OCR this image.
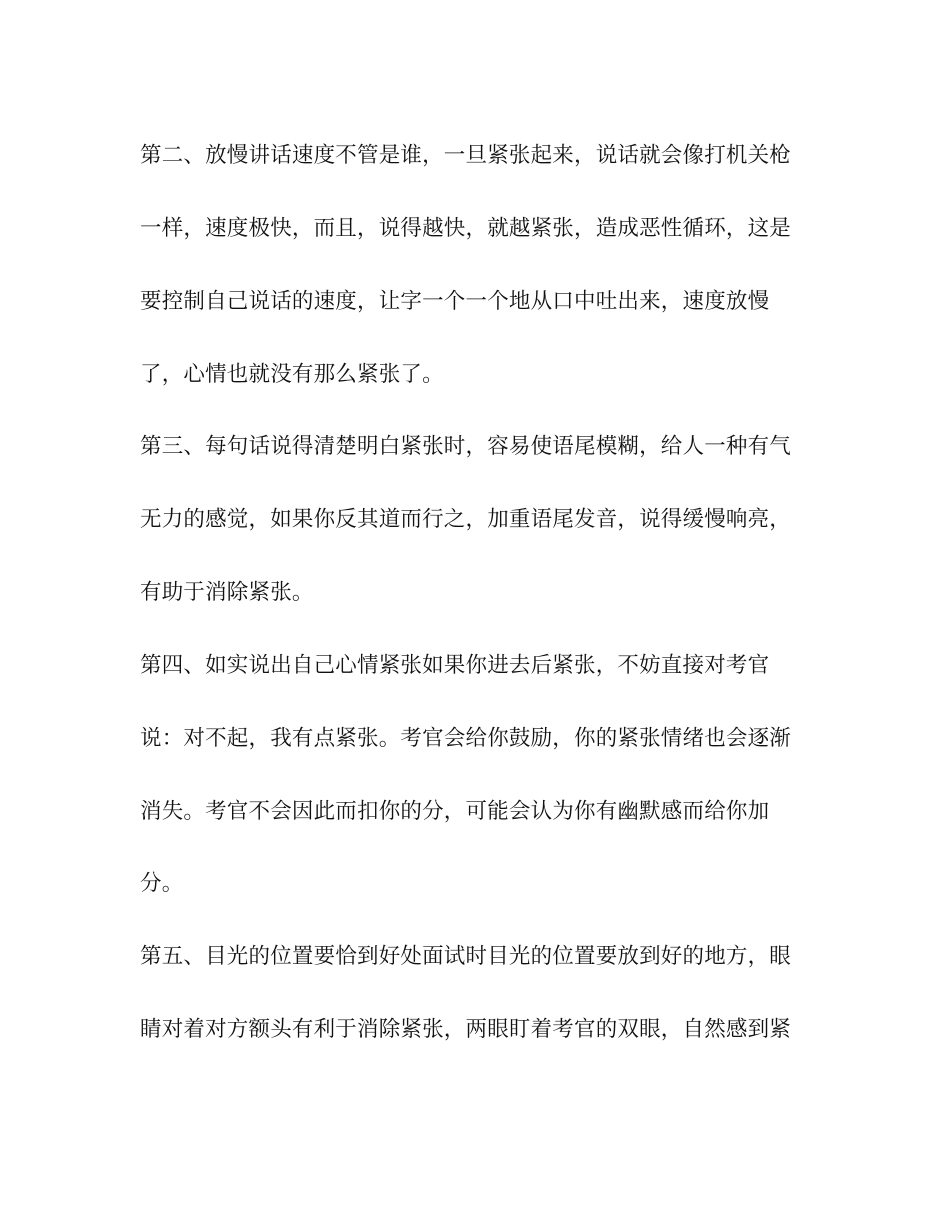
第二、放慢讲话速度不管是谁，一旦紧张起来，说话就会像打机关枪
一样，速度极快，而且，说得越快，就越紧张，造成恶性循环，这是
要控制自己说话的速度，让字一个一个地从口中吐出来，速度放慢
了，心情也就没有那么紧张了。
第三、每句话说得清楚明白紧张时，容易使语尾模糊，给人一种有气
无力的感觉，如果你反其道而行之，加重语尾发音，说得缓慢响亮，
有助于消除紧张。
第四、如实说出自己心情紧张如果你进去后紧张，不妨直接对考官
说：对不起，我有点紧张。考官会给你鼓励，你的紧张情绪也会逐渐
消失。考官不会因此而扣你的分，可能会认为你有幽默感而给你加
分。
第五、目光的位置要恰到好处面试时目光的位置要放到好的地方，眼
睛对着对方额头有利于消除紧张，两眼盯着考官的双眼，自然感到紧
